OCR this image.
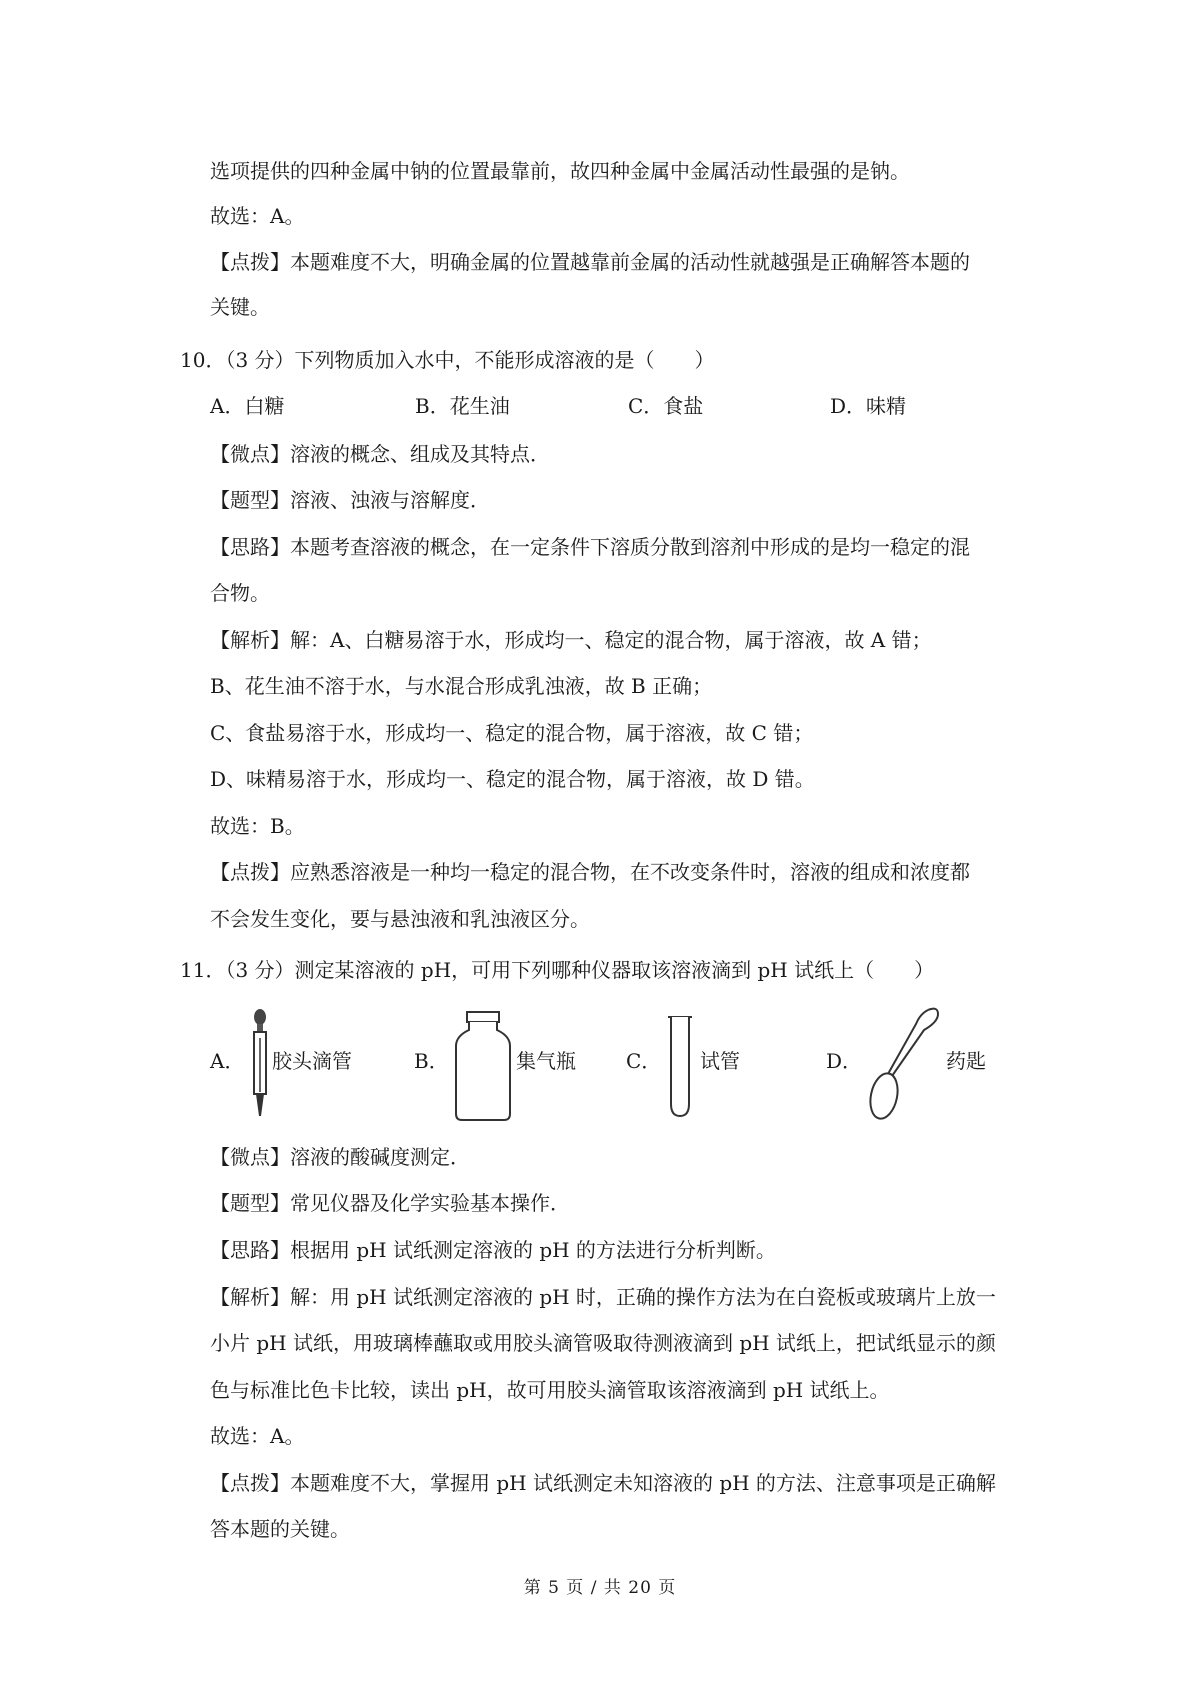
选项提供的四种金属中钠的位置最靠前，故四种金属中金属活动性最强的是钠。
故选：A。
【点拨】本题难度不大，明确金属的位置越靠前金属的活动性就越强是正确解答本题的
关键。
10．（3 分）下列物质加入水中，不能形成溶液的是（　　）
A．白糖	B．花生油	C．食盐	D．味精
【微点】溶液的概念、组成及其特点．
【题型】溶液、浊液与溶解度．
【思路】本题考查溶液的概念，在一定条件下溶质分散到溶剂中形成的是均一稳定的混
合物。
【解析】解：A、白糖易溶于水，形成均一、稳定的混合物，属于溶液，故 A 错；
B、花生油不溶于水，与水混合形成乳浊液，故 B 正确；
C、食盐易溶于水，形成均一、稳定的混合物，属于溶液，故 C 错；
D、味精易溶于水，形成均一、稳定的混合物，属于溶液，故 D 错。
故选：B。
【点拨】应熟悉溶液是一种均一稳定的混合物，在不改变条件时，溶液的组成和浓度都
不会发生变化，要与悬浊液和乳浊液区分。
11．（3 分）测定某溶液的 pH，可用下列哪种仪器取该溶液滴到 pH 试纸上（　　）
A． 胶头滴管	B．	集气瓶	C． 试管	D．	药匙
【微点】溶液的酸碱度测定．
【题型】常见仪器及化学实验基本操作．
【思路】根据用 pH 试纸测定溶液的 pH 的方法进行分析判断。
【解析】解：用 pH 试纸测定溶液的 pH 时，正确的操作方法为在白瓷板或玻璃片上放一
小片 pH 试纸，用玻璃棒蘸取或用胶头滴管吸取待测液滴到 pH 试纸上，把试纸显示的颜
色与标准比色卡比较，读出 pH，故可用胶头滴管取该溶液滴到 pH 试纸上。
故选：A。
【点拨】本题难度不大，掌握用 pH 试纸测定未知溶液的 pH 的方法、注意事项是正确解
答本题的关键。
第 5 页 / 共 20 页
